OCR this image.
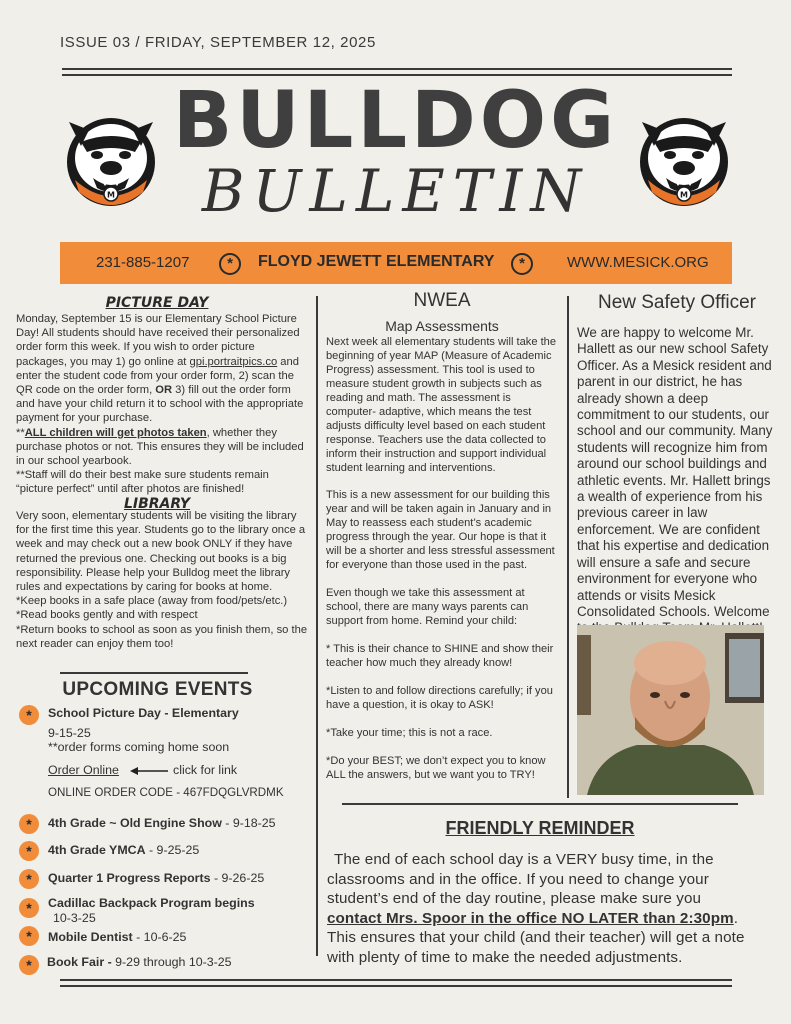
ISSUE 03 / FRIDAY, SEPTEMBER 12, 2025
M	M
BULLDOG
BULLETIN
231-885-1207	*	FLOYD JEWETT ELEMENTARY	*	WWW.MESICK.ORG
PICTURE DAY
Monday, September 15 is our Elementary School Picture Day! All students should have received their personalized order form this week. If you wish to order picture packages, you may 1) go online at gpi.portraitpics.co and enter the student code from your order form, 2) scan the QR code on the order form, OR 3) fill out the order form and have your child return it to school with the appropriate payment for your purchase.
**ALL children will get photos taken, whether they purchase photos or not. This ensures they will be included in our school yearbook.
**Staff will do their best make sure students remain “picture perfect” until after photos are finished!
LIBRARY
Very soon, elementary students will be visiting the library for the first time this year. Students go to the library once a week and may check out a new book ONLY if they have returned the previous one. Checking out books is a big responsibility. Please help your Bulldog meet the library rules and expectations by caring for books at home.
*Keep books in a safe place (away from food/pets/etc.)
*Read books gently and with respect
*Return books to school as soon as you finish them, so the next reader can enjoy them too!
UPCOMING EVENTS
*	School Picture Day - Elementary
9-15-25
**order forms coming home soon
Order Online	click for link
ONLINE ORDER CODE - 467FDQGLVRDMK
*	4th Grade ~ Old Engine Show - 9-18-25
*	4th Grade YMCA - 9-25-25
*	Quarter 1 Progress Reports - 9-26-25
*	Cadillac Backpack Program begins
10-3-25
*	Mobile Dentist - 10-6-25
*	Book Fair - 9-29 through 10-3-25
NWEA
Map Assessments
Next week all elementary students will take the beginning of year MAP (Measure of Academic Progress) assessment. This tool is used to measure student growth in subjects such as reading and math. The assessment is computer- adaptive, which means the test adjusts difficulty level based on each student response. Teachers use the data collected to inform their instruction and support individual student learning and interventions.

This is a new assessment for our building this year and will be taken again in January and in May to reassess each student’s academic progress through the year. Our hope is that it will be a shorter and less stressful assessment for everyone than those used in the past.

Even though we take this assessment at school, there are many ways parents can support from home. Remind your child:

* This is their chance to SHINE and show their teacher how much they already know!

*Listen to and follow directions carefully; if you have a question, it is okay to ASK!

*Take your time; this is not a race.

*Do your BEST; we don’t expect you to know ALL the answers, but we want you to TRY!
New Safety Officer
We are happy to welcome Mr. Hallett as our new school Safety Officer. As a Mesick resident and parent in our district, he has already shown a deep commitment to our students, our school and our community. Many students will recognize him from around our school buildings and athletic events. Mr. Hallett brings a wealth of experience from his previous career in law enforcement. We are confident that his expertise and dedication will ensure a safe and secure environment for everyone who attends or visits Mesick Consolidated Schools. Welcome
FRIENDLY REMINDER
The end of each school day is a VERY busy time, in the classrooms and in the office. If you need to change your student’s end of the day routine, please make sure you contact Mrs. Spoor in the office NO LATER than 2:30pm. This ensures that your child (and their teacher) will get a note with plenty of time to make the needed adjustments.
